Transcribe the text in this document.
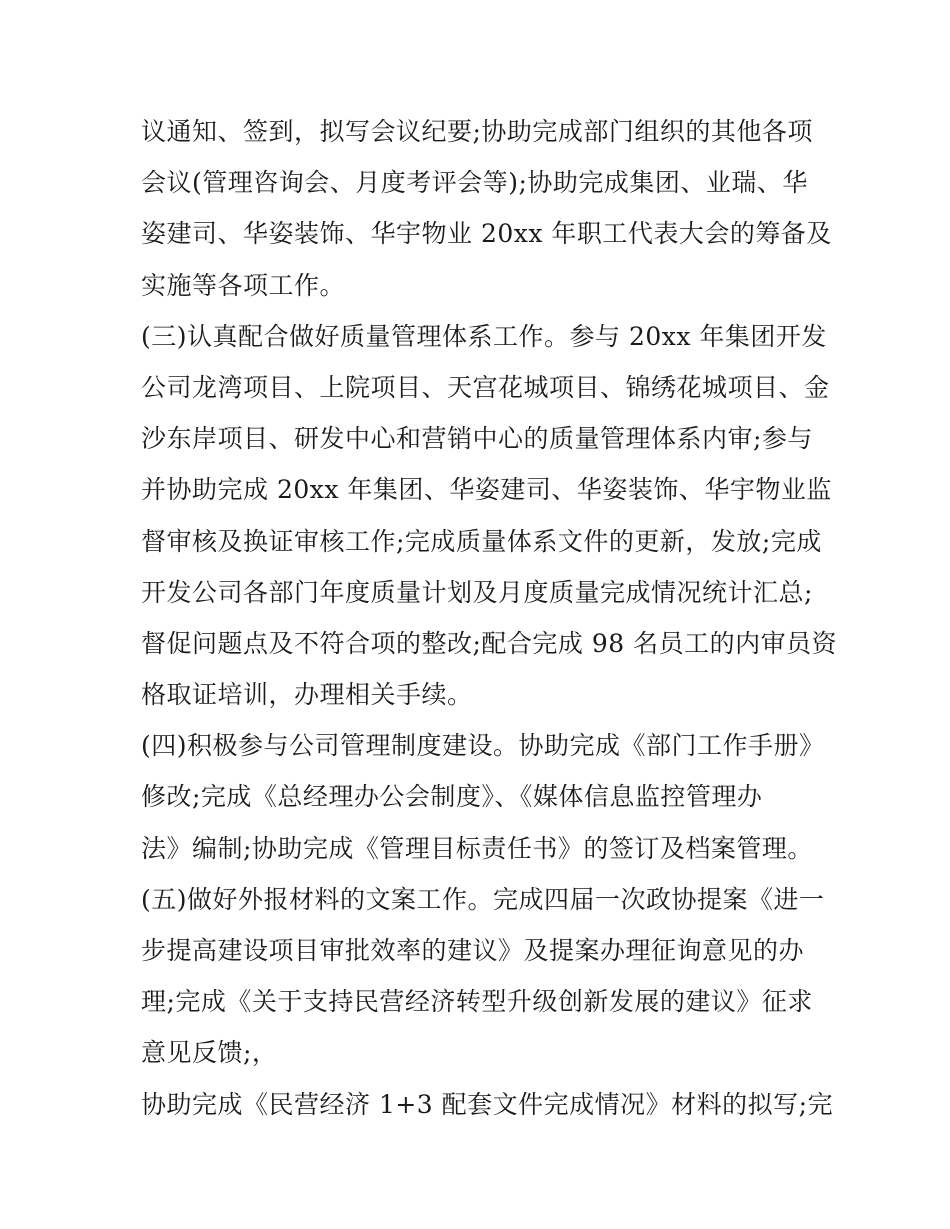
议通知、签到，拟写会议纪要;协助完成部门组织的其他各项
会议(管理咨询会、月度考评会等);协助完成集团、业瑞、华
姿建司、华姿装饰、华宇物业 20xx 年职工代表大会的筹备及
实施等各项工作。
(三)认真配合做好质量管理体系工作。参与 20xx 年集团开发
公司龙湾项目、上院项目、天宫花城项目、锦绣花城项目、金
沙东岸项目、研发中心和营销中心的质量管理体系内审;参与
并协助完成 20xx 年集团、华姿建司、华姿装饰、华宇物业监
督审核及换证审核工作;完成质量体系文件的更新，发放;完成
开发公司各部门年度质量计划及月度质量完成情况统计汇总;
督促问题点及不符合项的整改;配合完成 98 名员工的内审员资
格取证培训，办理相关手续。
(四)积极参与公司管理制度建设。协助完成《部门工作手册》
修改;完成《总经理办公会制度》、《媒体信息监控管理办
法》编制;协助完成《管理目标责任书》的签订及档案管理。
(五)做好外报材料的文案工作。完成四届一次政协提案《进一
步提高建设项目审批效率的建议》及提案办理征询意见的办
理;完成《关于支持民营经济转型升级创新发展的建议》征求
意见反馈;，
协助完成《民营经济 1+3 配套文件完成情况》材料的拟写;完
